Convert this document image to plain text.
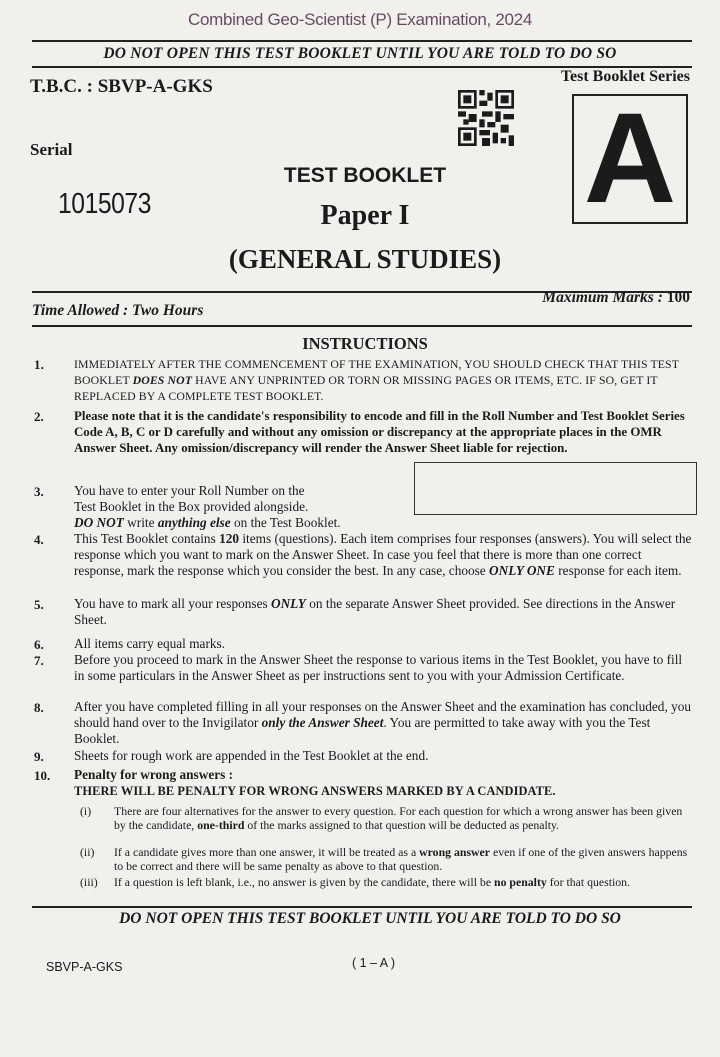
Combined Geo-Scientist (P) Examination, 2024
DO NOT OPEN THIS TEST BOOKLET UNTIL YOU ARE TOLD TO DO SO
T.B.C. : SBVP-A-GKS	Test Booklet Series
A
Serial
1015073
TEST BOOKLET
Paper I
(GENERAL STUDIES)
Maximum Marks : 100
Time Allowed : Two Hours
INSTRUCTIONS
1.	IMMEDIATELY AFTER THE COMMENCEMENT OF THE EXAMINATION, YOU SHOULD CHECK THAT THIS TEST BOOKLET DOES NOT HAVE ANY UNPRINTED OR TORN OR MISSING PAGES OR ITEMS, ETC. IF SO, GET IT REPLACED BY A COMPLETE TEST BOOKLET.
2. Please note that it is the candidate's responsibility to encode and fill in the Roll Number and Test Booklet Series Code A, B, C or D carefully and without any omission or discrepancy at the appropriate places in the OMR Answer Sheet. Any omission/discrepancy will render the Answer Sheet liable for rejection.
3. You have to enter your Roll Number on the
Test Booklet in the Box provided alongside.
DO NOT write anything else on the Test Booklet.
4. This Test Booklet contains 120 items (questions). Each item comprises four responses (answers). You will select the response which you want to mark on the Answer Sheet. In case you feel that there is more than one correct response, mark the response which you consider the best. In any case, choose ONLY ONE response for each item.
5. You have to mark all your responses ONLY on the separate Answer Sheet provided. See directions in the Answer Sheet.
6. All items carry equal marks.
7. Before you proceed to mark in the Answer Sheet the response to various items in the Test Booklet, you have to fill in some particulars in the Answer Sheet as per instructions sent to you with your Admission Certificate.
8. After you have completed filling in all your responses on the Answer Sheet and the examination has concluded, you should hand over to the Invigilator only the Answer Sheet. You are permitted to take away with you the Test Booklet.
9. Sheets for rough work are appended in the Test Booklet at the end.
10. Penalty for wrong answers :
THERE WILL BE PENALTY FOR WRONG ANSWERS MARKED BY A CANDIDATE.
(i) There are four alternatives for the answer to every question. For each question for which a wrong answer has been given by the candidate, one-third of the marks assigned to that question will be deducted as penalty.
(ii) If a candidate gives more than one answer, it will be treated as a wrong answer even if one of the given answers happens to be correct and there will be same penalty as above to that question.
(iii) If a question is left blank, i.e., no answer is given by the candidate, there will be no penalty for that question.
DO NOT OPEN THIS TEST BOOKLET UNTIL YOU ARE TOLD TO DO SO
SBVP-A-GKS	( 1 – A )
